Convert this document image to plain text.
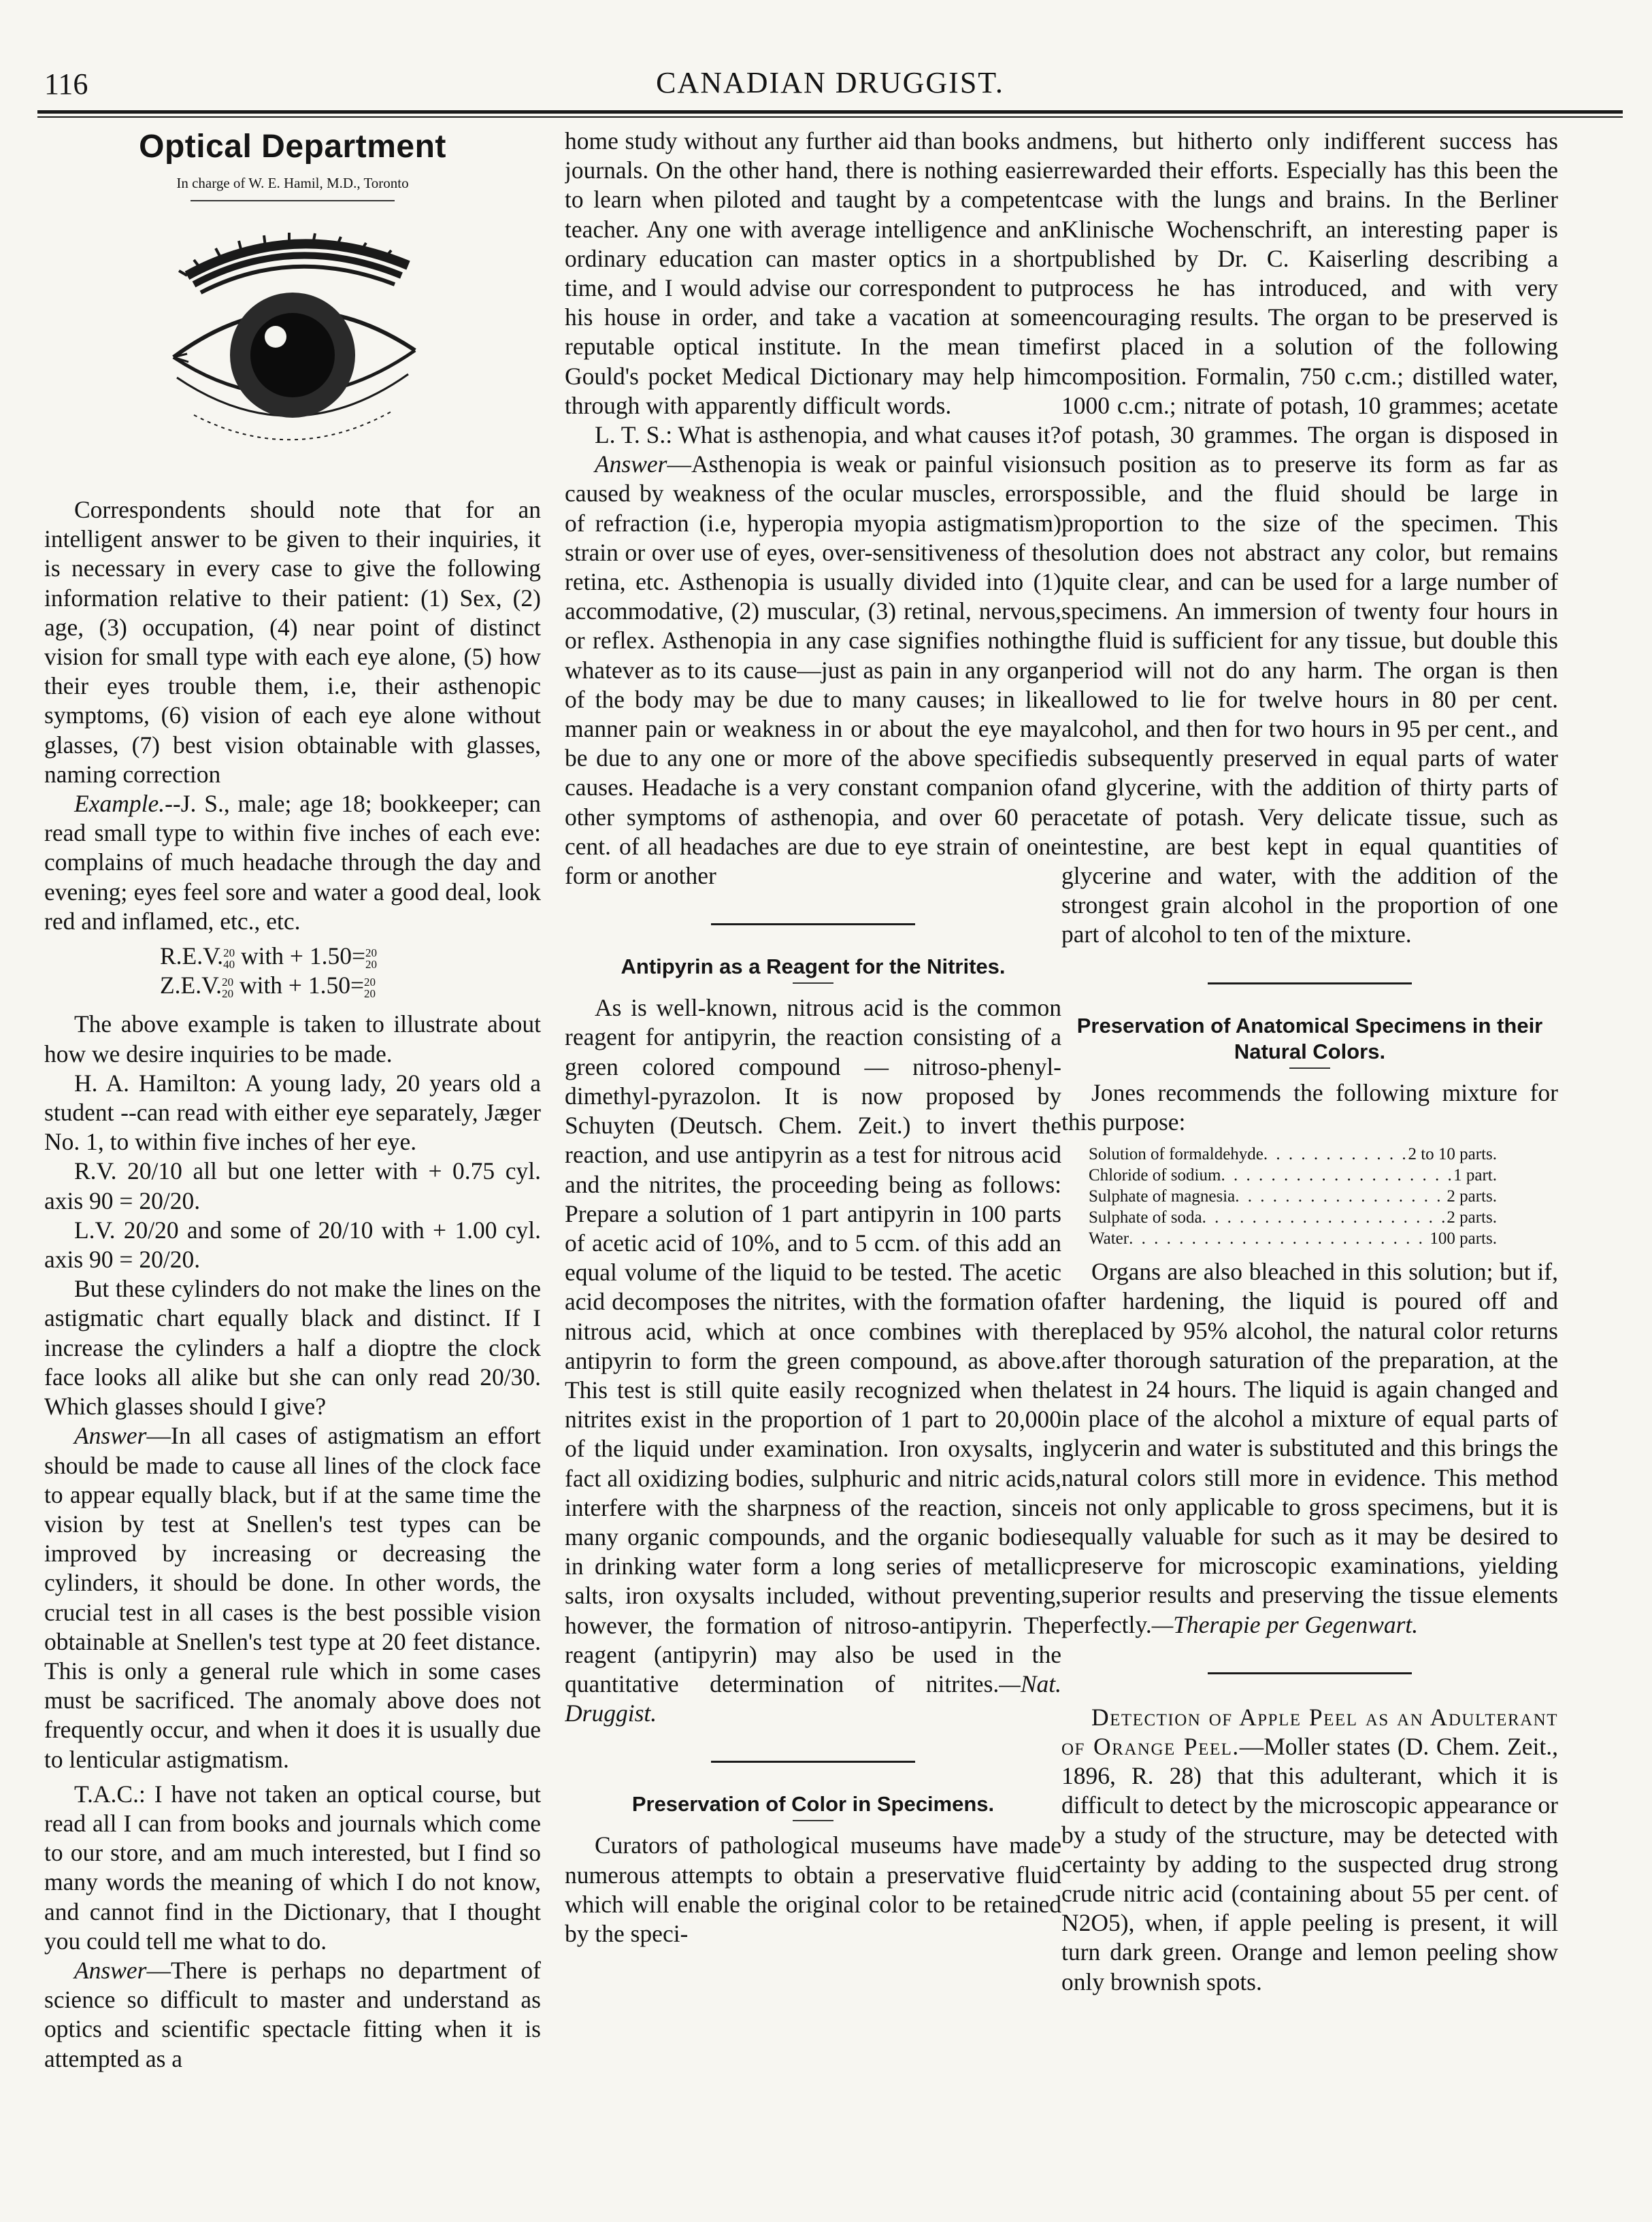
116	CANADIAN DRUGGIST.
Optical Department
In charge of W. E. Hamil, M.D., Toronto

Correspondents should note that for an intelligent answer to be given to their inquiries, it is necessary in every case to give the following information relative to their patient: (1) Sex, (2) age, (3) occupation, (4) near point of distinct vision for small type with each eye alone, (5) how their eyes trouble them, i.e, their asthenopic symptoms, (6) vision of each eye alone without glasses, (7) best vision obtainable with glasses, naming correction

Example.--J. S., male; age 18; bookkeeper; can read small type to within five inches of each eve: complains of much headache through the day and evening; eyes feel sore and water a good deal, look red and inflamed, etc., etc.

R.E.V. 20
40 with + 1.50= 20
20
Z.E.V. 20
20 with + 1.50= 20
20

The above example is taken to illustrate about how we desire inquiries to be made.

H. A. Hamilton: A young lady, 20 years old a student --can read with either eye separately, Jæger No. 1, to within five inches of her eye.

R.V. 20/10 all but one letter with + 0.75 cyl. axis 90 = 20/20.

L.V. 20/20 and some of 20/10 with + 1.00 cyl. axis 90 = 20/20.

But these cylinders do not make the lines on the astigmatic chart equally black and distinct. If I increase the cylinders a half a dioptre the clock face looks all alike but she can only read 20/30. Which glasses should I give?

Answer—In all cases of astigmatism an effort should be made to cause all lines of the clock face to appear equally black, but if at the same time the vision by test at Snellen's test types can be improved by increasing or decreasing the cylinders, it should be done. In other words, the crucial test in all cases is the best possible vision obtainable at Snellen's test type at 20 feet distance. This is only a general rule which in some cases must be sacrificed. The anomaly above does not frequently occur, and when it does it is usually due to lenticular astigmatism.

T.A.C.: I have not taken an optical course, but read all I can from books and journals which come to our store, and am much interested, but I find so many words the meaning of which I do not know, and cannot find in the Dictionary, that I thought you could tell me what to do.

Answer—There is perhaps no department of science so difficult to master and understand as optics and scientific spectacle fitting when it is attempted as a

home study without any further aid than books and journals. On the other hand, there is nothing easier to learn when piloted and taught by a competent teacher. Any one with average intelligence and an ordinary education can master optics in a short time, and I would advise our correspondent to put his house in order, and take a vacation at some reputable optical institute. In the mean time Gould's pocket Medical Dictionary may help him through with apparently difficult words.

L. T. S.: What is asthenopia, and what causes it?

Answer—Asthenopia is weak or painful vision caused by weakness of the ocular muscles, errors of refraction (i.e, hyperopia myopia astigmatism) strain or over use of eyes, over-sensitiveness of the retina, etc. Asthenopia is usually divided into (1) accommodative, (2) muscular, (3) retinal, nervous, or reflex. Asthenopia in any case signifies nothing whatever as to its cause—just as pain in any organ of the body may be due to many causes; in like manner pain or weakness in or about the eye may be due to any one or more of the above specified causes. Headache is a very constant companion of other symptoms of asthenopia, and over 60 per cent. of all headaches are due to eye strain of one form or another

Antipyrin as a Reagent for the Nitrites.

As is well-known, nitrous acid is the common reagent for antipyrin, the reaction consisting of a green colored compound — nitroso-phenyl-dimethyl-pyrazolon. It is now proposed by Schuyten (Deutsch. Chem. Zeit.) to invert the reaction, and use antipyrin as a test for nitrous acid and the nitrites, the proceeding being as follows: Prepare a solution of 1 part antipyrin in 100 parts of acetic acid of 10%, and to 5 ccm. of this add an equal volume of the liquid to be tested. The acetic acid decomposes the nitrites, with the formation of nitrous acid, which at once combines with the antipyrin to form the green compound, as above. This test is still quite easily recognized when the nitrites exist in the proportion of 1 part to 20,000 of the liquid under examination. Iron oxysalts, in fact all oxidizing bodies, sulphuric and nitric acids, interfere with the sharpness of the reaction, since many organic compounds, and the organic bodies in drinking water form a long series of metallic salts, iron oxysalts included, without preventing, however, the formation of nitroso-antipyrin. The reagent (antipyrin) may also be used in the quantitative determination of nitrites.—Nat. Druggist.

Preservation of Color in Specimens.

Curators of pathological museums have made numerous attempts to obtain a preservative fluid which will enable the original color to be retained by the speci-

mens, but hitherto only indifferent success has rewarded their efforts. Especially has this been the case with the lungs and brains. In the Berliner Klinische Wochenschrift, an interesting paper is published by Dr. C. Kaiserling describing a process he has introduced, and with very encouraging results. The organ to be preserved is first placed in a solution of the following composition. Formalin, 750 c.cm.; distilled water, 1000 c.cm.; nitrate of potash, 10 grammes; acetate of potash, 30 grammes. The organ is disposed in such position as to preserve its form as far as possible, and the fluid should be large in proportion to the size of the specimen. This solution does not abstract any color, but remains quite clear, and can be used for a large number of specimens. An immersion of twenty four hours in the fluid is sufficient for any tissue, but double this period will not do any harm. The organ is then allowed to lie for twelve hours in 80 per cent. alcohol, and then for two hours in 95 per cent., and is subsequently preserved in equal parts of water and glycerine, with the addition of thirty parts of acetate of potash. Very delicate tissue, such as intestine, are best kept in equal quantities of glycerine and water, with the addition of the strongest grain alcohol in the proportion of one part of alcohol to ten of the mixture.

Preservation of Anatomical Specimens in their Natural Colors.

Jones recommends the following mixture for this purpose:

Solution of formaldehyde . . .	2 to 10 parts.
Chloride of sodium . . .	1 part.
Sulphate of magnesia . . .	2 parts.
Sulphate of soda . . .	2 parts.
Water . . .	100 parts.

Organs are also bleached in this solution; but if, after hardening, the liquid is poured off and replaced by 95% alcohol, the natural color returns after thorough saturation of the preparation, at the latest in 24 hours. The liquid is again changed and in place of the alcohol a mixture of equal parts of glycerin and water is substituted and this brings the natural colors still more in evidence. This method is not only applicable to gross specimens, but it is equally valuable for such as it may be desired to preserve for microscopic examinations, yielding superior results and preserving the tissue elements perfectly.—Therapie per Gegenwart.

Detection of Apple Peel as an Adulterant of Orange Peel.—Moller states (D. Chem. Zeit., 1896, R. 28) that this adulterant, which it is difficult to detect by the microscopic appearance or by a study of the structure, may be detected with certainty by adding to the suspected drug strong crude nitric acid (containing about 55 per cent. of N2O5), when, if apple peeling is present, it will turn dark green. Orange and lemon peeling show only brownish spots.
